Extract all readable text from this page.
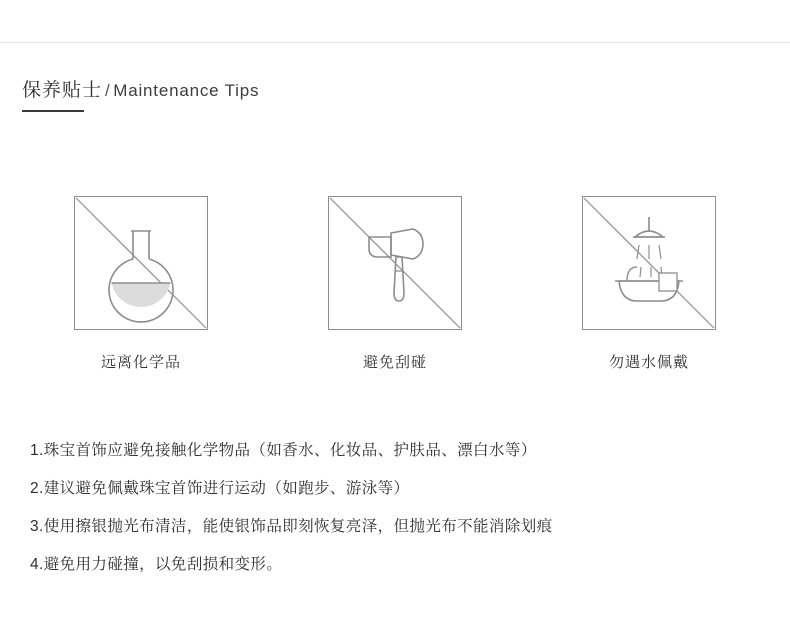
保养贴士 / Maintenance Tips
远离化学品	避免刮碰	勿遇水佩戴
1.珠宝首饰应避免接触化学物品（如香水、化妆品、护肤品、漂白水等）
2.建议避免佩戴珠宝首饰进行运动（如跑步、游泳等）
3.使用擦银抛光布清洁，能使银饰品即刻恢复亮泽，但抛光布不能消除划痕
4.避免用力碰撞，以免刮损和变形。
